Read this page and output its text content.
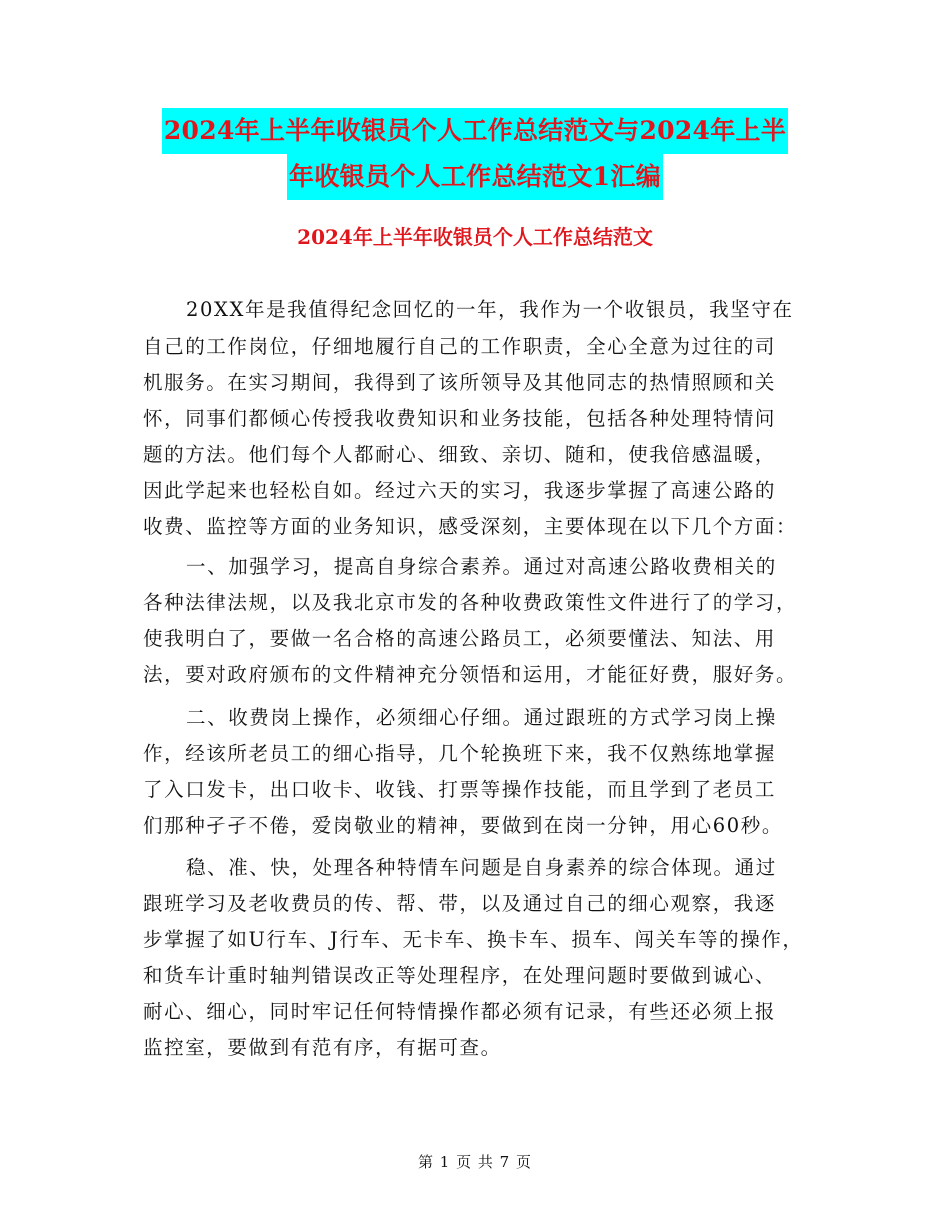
2024年上半年收银员个人工作总结范文与2024年上半
年收银员个人工作总结范文1汇编
2024年上半年收银员个人工作总结范文
20XX年是我值得纪念回忆的一年，我作为一个收银员，我坚守在
自己的工作岗位，仔细地履行自己的工作职责，全心全意为过往的司
机服务。在实习期间，我得到了该所领导及其他同志的热情照顾和关
怀，同事们都倾心传授我收费知识和业务技能，包括各种处理特情问
题的方法。他们每个人都耐心、细致、亲切、随和，使我倍感温暖，
因此学起来也轻松自如。经过六天的实习，我逐步掌握了高速公路的
收费、监控等方面的业务知识，感受深刻，主要体现在以下几个方面：
一、加强学习，提高自身综合素养。通过对高速公路收费相关的
各种法律法规，以及我北京市发的各种收费政策性文件进行了的学习，
使我明白了，要做一名合格的高速公路员工，必须要懂法、知法、用
法，要对政府颁布的文件精神充分领悟和运用，才能征好费，服好务。
二、收费岗上操作，必须细心仔细。通过跟班的方式学习岗上操
作，经该所老员工的细心指导，几个轮换班下来，我不仅熟练地掌握
了入口发卡，出口收卡、收钱、打票等操作技能，而且学到了老员工
们那种孑孑不倦，爱岗敬业的精神，要做到在岗一分钟，用心60秒。
稳、准、快，处理各种特情车问题是自身素养的综合体现。通过
跟班学习及老收费员的传、帮、带，以及通过自己的细心观察，我逐
步掌握了如U行车、J行车、无卡车、换卡车、损车、闯关车等的操作，
和货车计重时轴判错误改正等处理程序，在处理问题时要做到诚心、
耐心、细心，同时牢记任何特情操作都必须有记录，有些还必须上报
监控室，要做到有范有序，有据可查。
第 1 页 共 7 页
